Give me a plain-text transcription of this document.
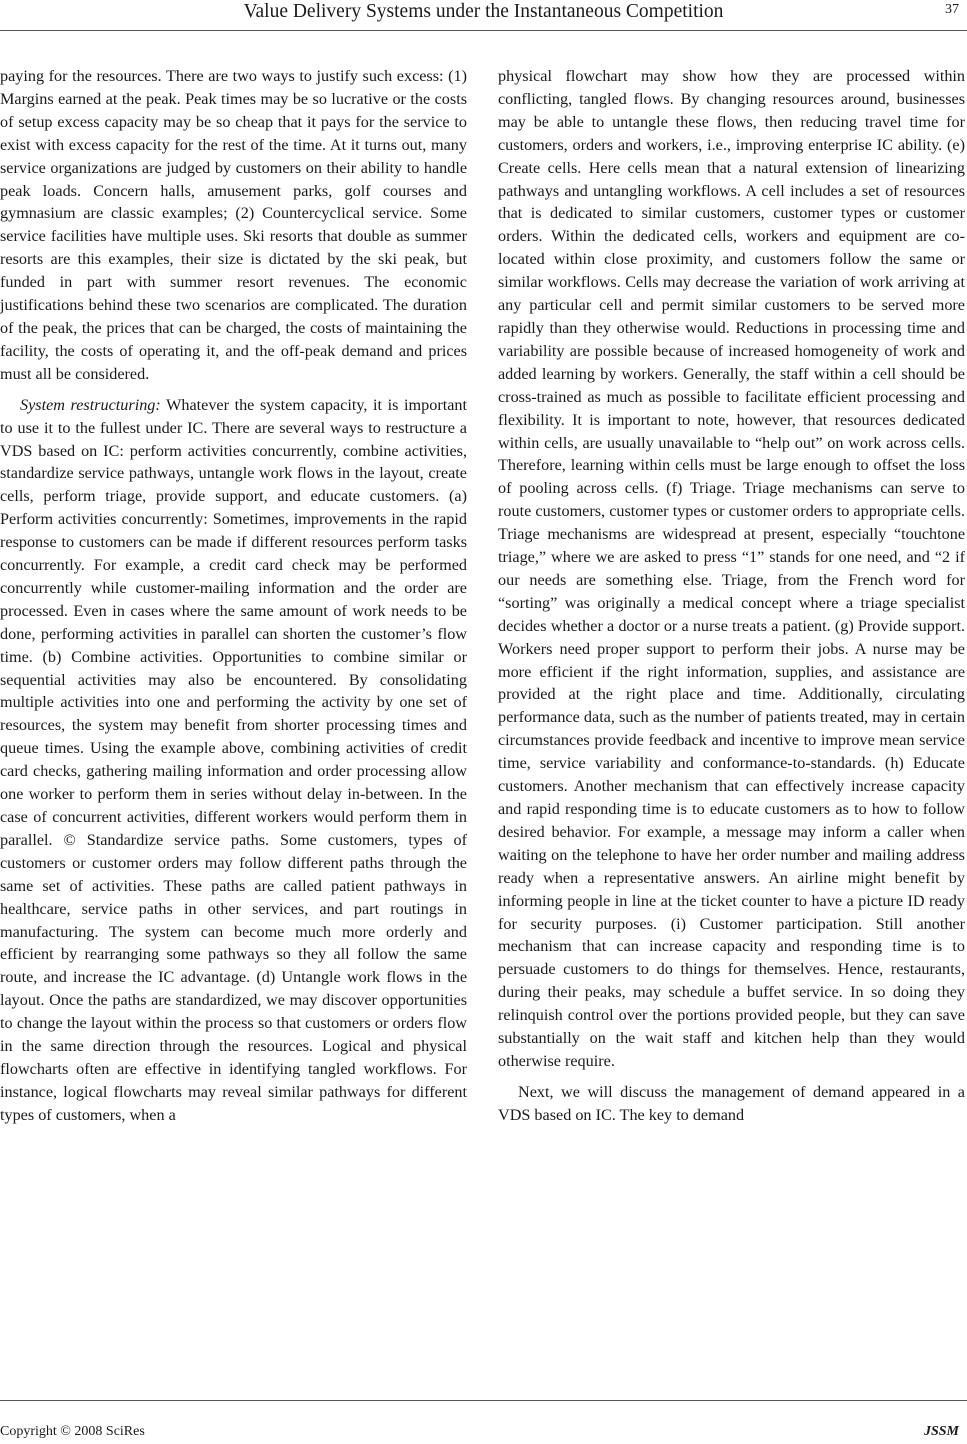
Value Delivery Systems under the Instantaneous Competition	37

paying for the resources. There are two ways to justify such excess: (1) Margins earned at the peak. Peak times may be so lucrative or the costs of setup excess capacity may be so cheap that it pays for the service to exist with excess capacity for the rest of the time. At it turns out, many service organizations are judged by customers on their ability to handle peak loads. Concern halls, amusement parks, golf courses and gymnasium are classic examples; (2) Countercyclical service. Some service facilities have multiple uses. Ski resorts that double as summer resorts are this examples, their size is dictated by the ski peak, but funded in part with summer resort revenues. The economic justifications behind these two scenarios are complicated. The duration of the peak, the prices that can be charged, the costs of maintaining the facility, the costs of operating it, and the off-peak demand and prices must all be considered.

System restructuring: Whatever the system capacity, it is important to use it to the fullest under IC. There are several ways to restructure a VDS based on IC: perform activities concurrently, combine activities, standardize service pathways, untangle work flows in the layout, create cells, perform triage, provide support, and educate customers. (a) Perform activities concurrently: Sometimes, improvements in the rapid response to customers can be made if different resources perform tasks concurrently. For example, a credit card check may be performed concurrently while customer-mailing information and the order are processed. Even in cases where the same amount of work needs to be done, performing activities in parallel can shorten the customer’s flow time. (b) Combine activities. Opportunities to combine similar or sequential activities may also be encountered. By consolidating multiple activities into one and performing the activity by one set of resources, the system may benefit from shorter processing times and queue times. Using the example above, combining activities of credit card checks, gathering mailing information and order processing allow one worker to perform them in series without delay in-between. In the case of concurrent activities, different workers would perform them in parallel. © Standardize service paths. Some customers, types of customers or customer orders may follow different paths through the same set of activities. These paths are called patient pathways in healthcare, service paths in other services, and part routings in manufacturing. The system can become much more orderly and efficient by rearranging some pathways so they all follow the same route, and increase the IC advantage. (d) Untangle work flows in the layout. Once the paths are standardized, we may discover opportunities to change the layout within the process so that customers or orders flow in the same direction through the resources. Logical and physical flowcharts often are effective in identifying tangled workflows. For instance, logical flowcharts may reveal similar pathways for different types of customers, when a

physical flowchart may show how they are processed within conflicting, tangled flows. By changing resources around, businesses may be able to untangle these flows, then reducing travel time for customers, orders and workers, i.e., improving enterprise IC ability. (e) Create cells. Here cells mean that a natural extension of linearizing pathways and untangling workflows. A cell includes a set of resources that is dedicated to similar customers, customer types or customer orders. Within the dedicated cells, workers and equipment are co-located within close proximity, and customers follow the same or similar workflows. Cells may decrease the variation of work arriving at any particular cell and permit similar customers to be served more rapidly than they otherwise would. Reductions in processing time and variability are possible because of increased homogeneity of work and added learning by workers. Generally, the staff within a cell should be cross-trained as much as possible to facilitate efficient processing and flexibility. It is important to note, however, that resources dedicated within cells, are usually unavailable to “help out” on work across cells. Therefore, learning within cells must be large enough to offset the loss of pooling across cells. (f) Triage. Triage mechanisms can serve to route customers, customer types or customer orders to appropriate cells. Triage mechanisms are widespread at present, especially “touchtone triage,” where we are asked to press “1” stands for one need, and “2 if our needs are something else. Triage, from the French word for “sorting” was originally a medical concept where a triage specialist decides whether a doctor or a nurse treats a patient. (g) Provide support. Workers need proper support to perform their jobs. A nurse may be more efficient if the right information, supplies, and assistance are provided at the right place and time. Additionally, circulating performance data, such as the number of patients treated, may in certain circumstances provide feedback and incentive to improve mean service time, service variability and conformance-to-standards. (h) Educate customers. Another mechanism that can effectively increase capacity and rapid responding time is to educate customers as to how to follow desired behavior. For example, a message may inform a caller when waiting on the telephone to have her order number and mailing address ready when a representative answers. An airline might benefit by informing people in line at the ticket counter to have a picture ID ready for security purposes. (i) Customer participation. Still another mechanism that can increase capacity and responding time is to persuade customers to do things for themselves. Hence, restaurants, during their peaks, may schedule a buffet service. In so doing they relinquish control over the portions provided people, but they can save substantially on the wait staff and kitchen help than they would otherwise require.

Next, we will discuss the management of demand appeared in a VDS based on IC. The key to demand

Copyright © 2008 SciRes	JSSM
